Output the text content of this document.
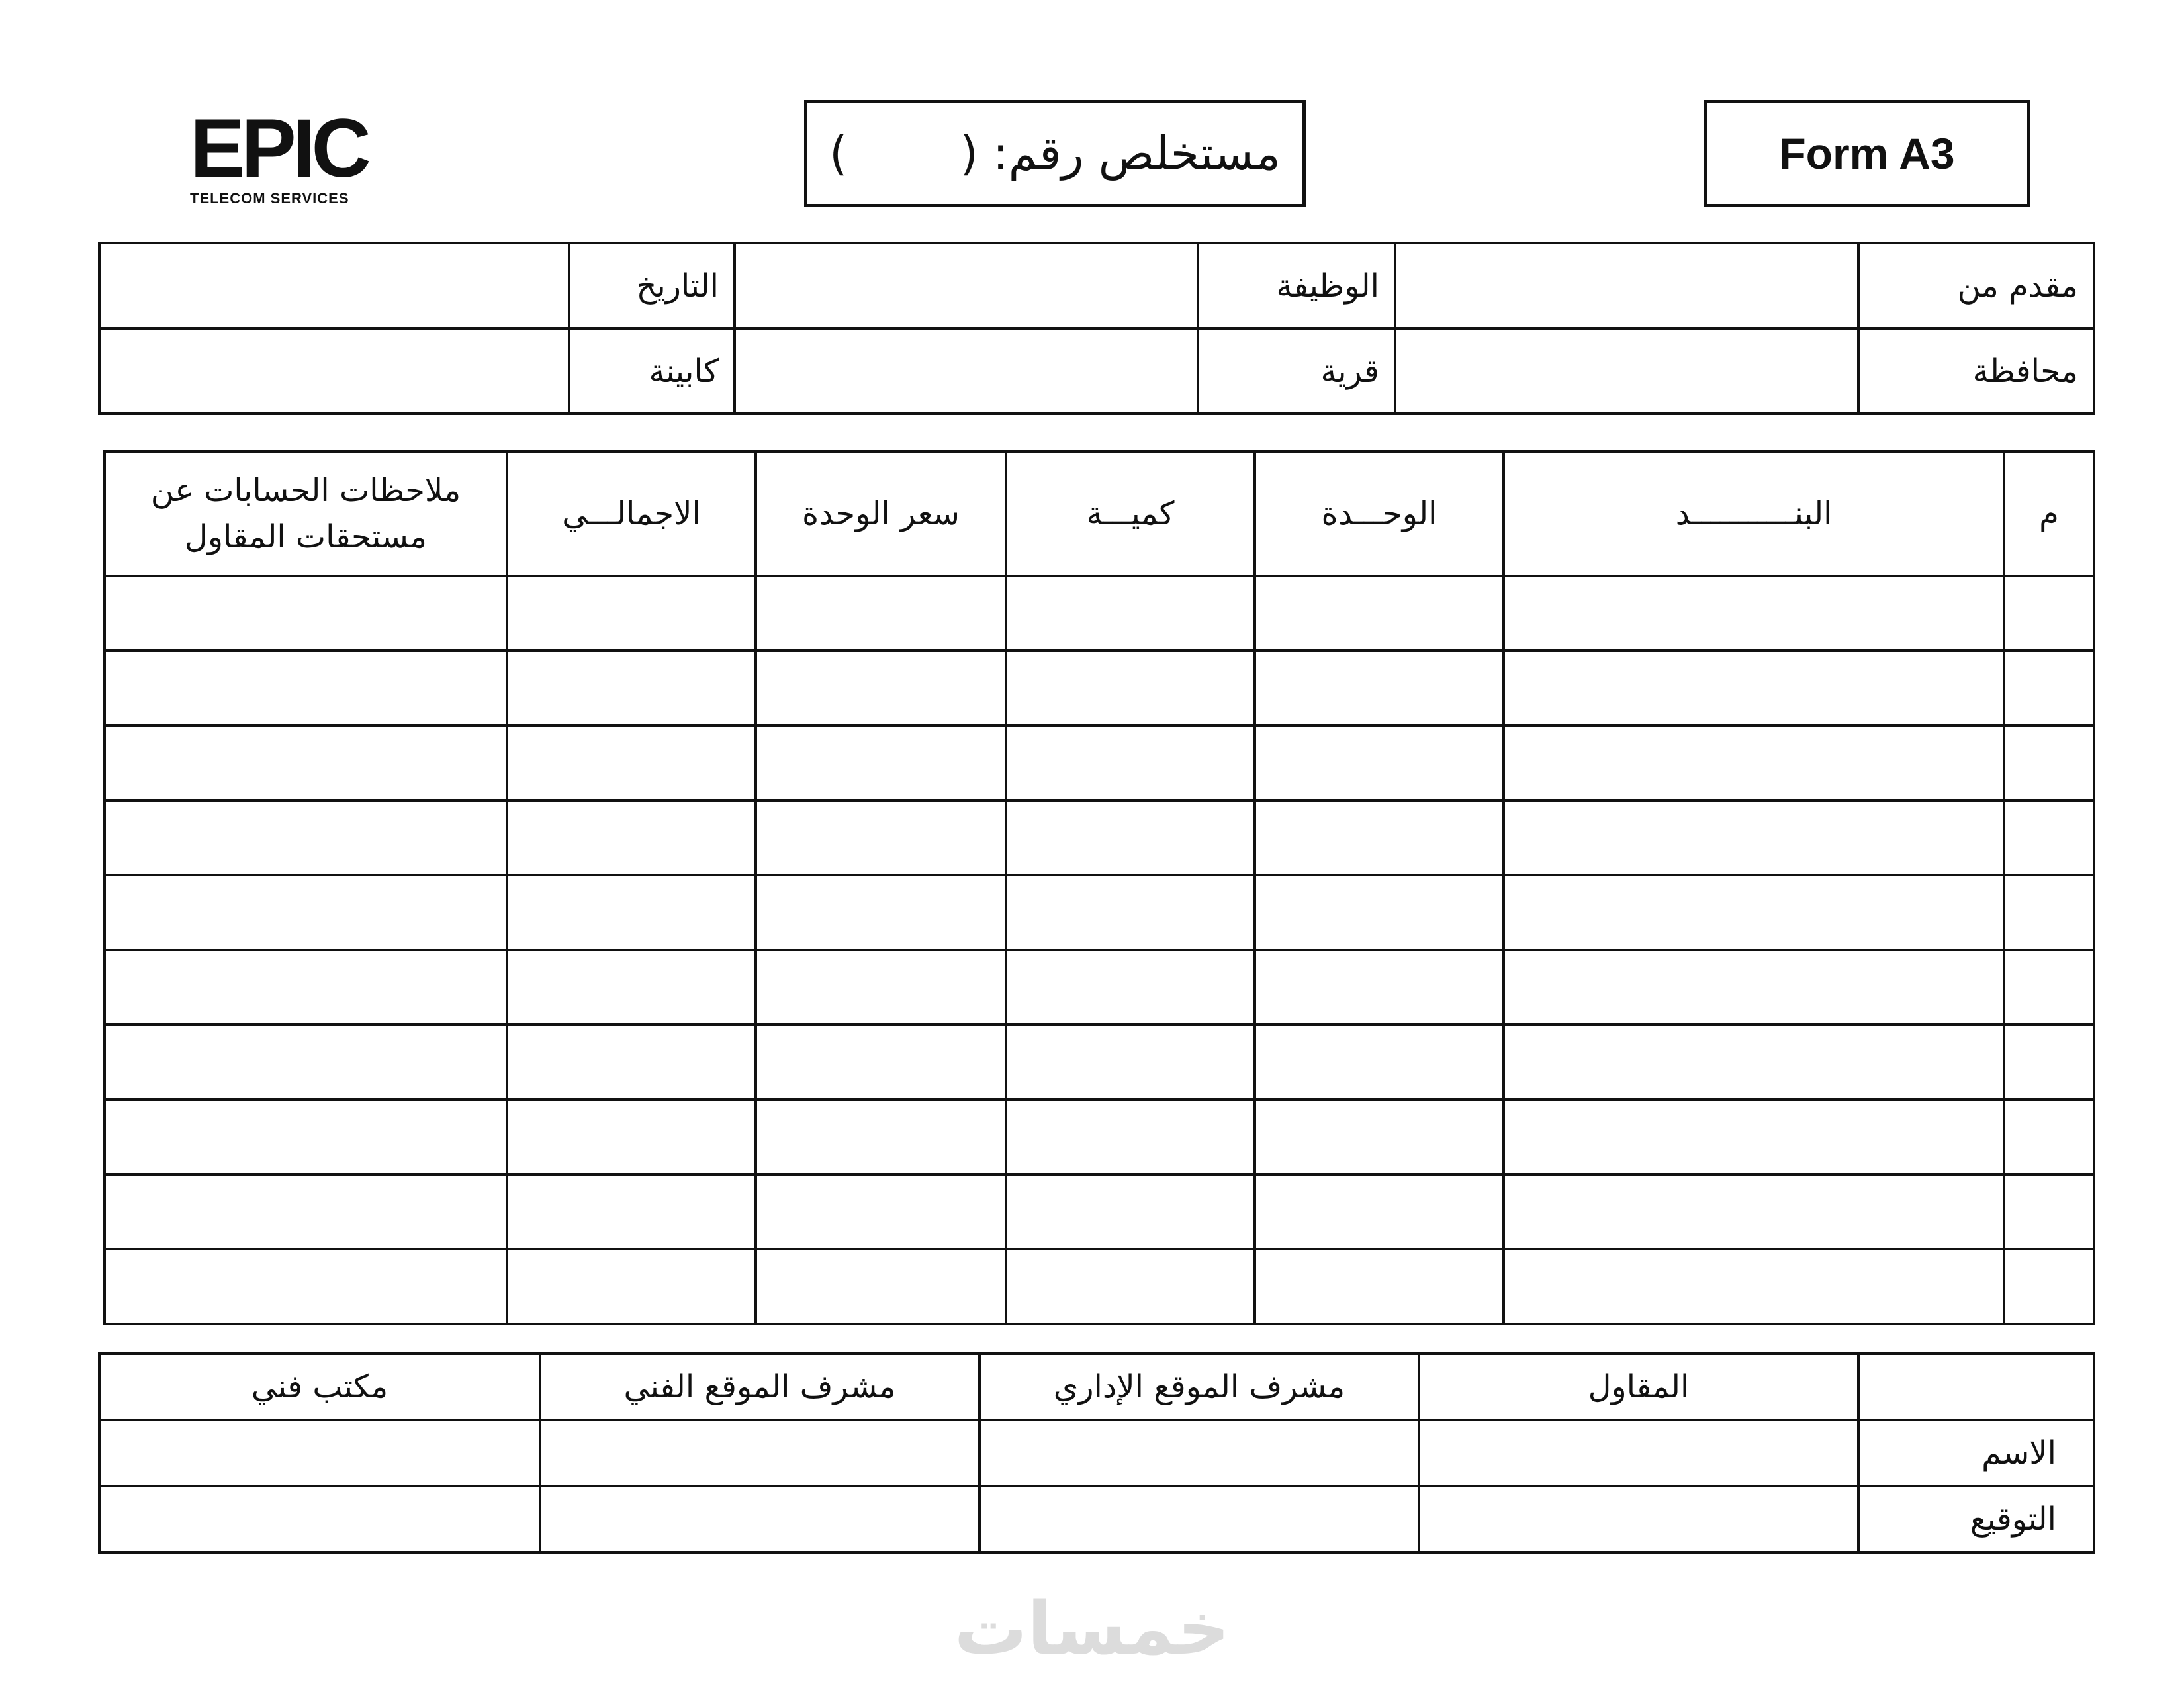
EPIC
TELECOM SERVICES
مستخلص رقم: (
)	Form A3
مقدم من		الوظيفة		التاريخ	
محافظة		قرية		كابينة	
م	البنـــــــــــد	الوحـــدة	كميـــة	سعر الوحدة	الاجمالـــي	ملاحظات الحسابات عن مستحقات المقاول

	المقاول	مشرف الموقع الإداري	مشرف الموقع الفني	مكتب فني
الاسم				
التوقيع				
خمسات
